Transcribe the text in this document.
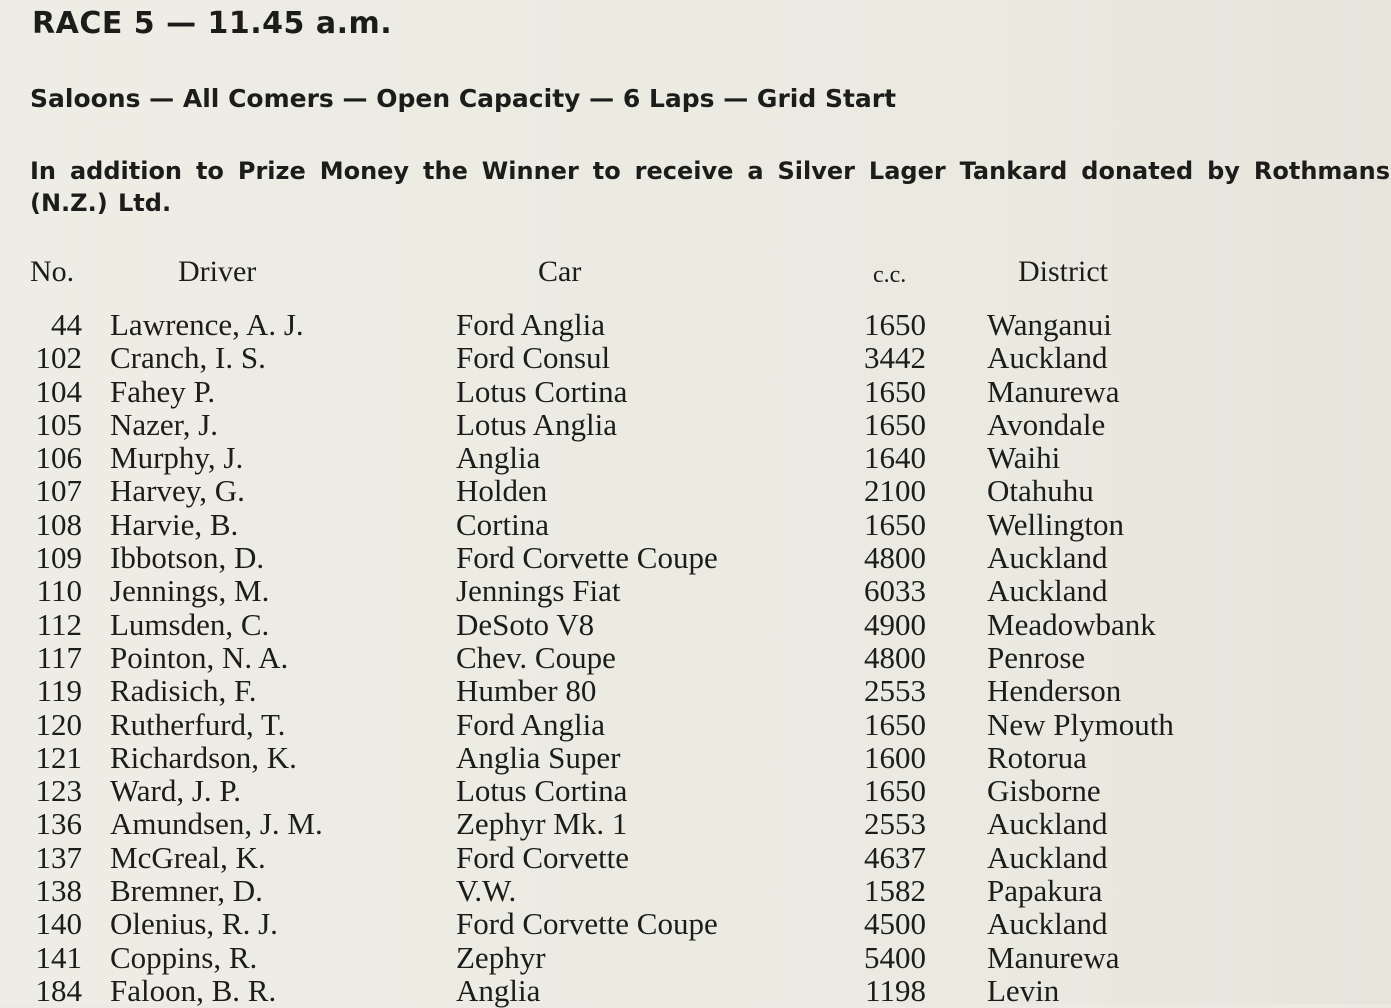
RACE 5 — 11.45 a.m.
Saloons — All Comers — Open Capacity — 6 Laps — Grid Start
In addition to Prize Money the Winner to receive a Silver Lager Tankard donated by Rothmans (N.Z.) Ltd.
No.	Driver	Car	c.c.	District
44 Lawrence, A. J.	Ford Anglia	1650 Wanganui
102 Cranch, I. S.	Ford Consul	3442 Auckland
104 Fahey P.	Lotus Cortina	1650 Manurewa
105 Nazer, J.	Lotus Anglia	1650 Avondale
106 Murphy, J.	Anglia	1640 Waihi
107 Harvey, G.	Holden	2100 Otahuhu
108 Harvie, B.	Cortina	1650 Wellington
109 Ibbotson, D.	Ford Corvette Coupe	4800 Auckland
110 Jennings, M.	Jennings Fiat	6033 Auckland
112 Lumsden, C.	DeSoto V8	4900 Meadowbank
117 Pointon, N. A.	Chev. Coupe	4800 Penrose
119 Radisich, F.	Humber 80	2553 Henderson
120 Rutherfurd, T.	Ford Anglia	1650 New Plymouth
121 Richardson, K.	Anglia Super	1600 Rotorua
123 Ward, J. P.	Lotus Cortina	1650 Gisborne
136 Amundsen, J. M.	Zephyr Mk. 1	2553 Auckland
137 McGreal, K.	Ford Corvette	4637 Auckland
138 Bremner, D.	V.W.	1582 Papakura
140 Olenius, R. J.	Ford Corvette Coupe	4500 Auckland
141 Coppins, R.	Zephyr	5400 Manurewa
184 Faloon, B. R.	Anglia	1198 Levin
